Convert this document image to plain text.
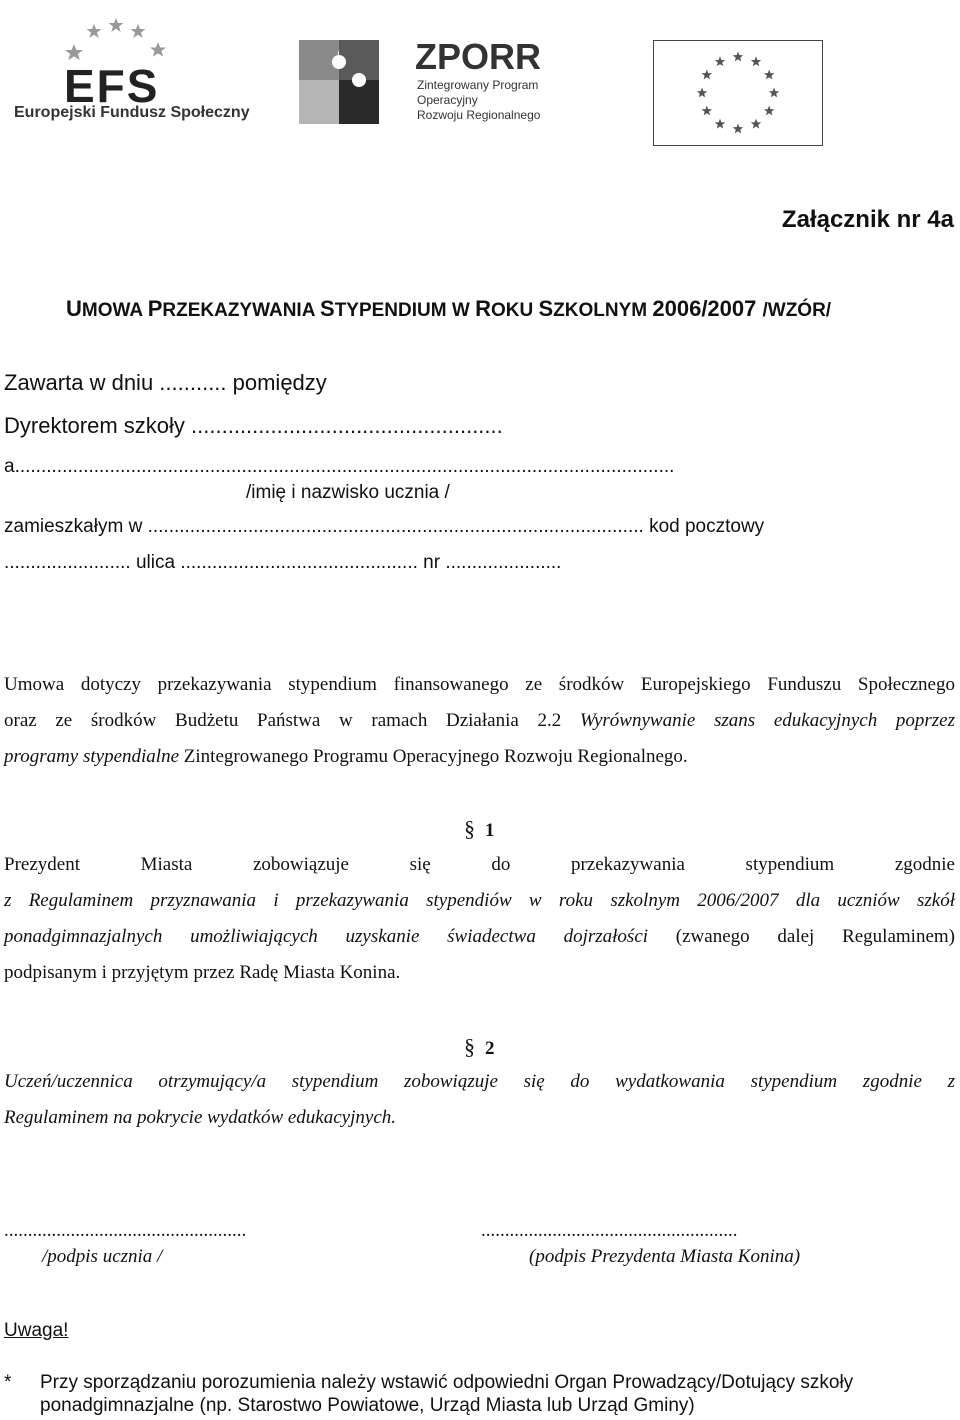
EFS
Europejski Fundusz Społeczny
ZPORR
Zintegrowany Program
Operacyjny
Rozwoju Regionalnego
Załącznik nr 4a
UMOWA PRZEKAZYWANIA STYPENDIUM W ROKU SZKOLNYM 2006/2007 /WZÓR/
Zawarta w dniu ........... pomiędzy
Dyrektorem szkoły ...................................................
a.............................................................................................................................
/imię i nazwisko ucznia /
zamieszkałym w .............................................................................................. kod pocztowy
........................ ulica ............................................. nr ......................
Umowa dotyczy przekazywania stypendium finansowanego ze środków Europejskiego Funduszu Społecznego
oraz ze środków Budżetu Państwa w ramach Działania 2.2 Wyrównywanie szans edukacyjnych poprzez
programy stypendialne Zintegrowanego Programu Operacyjnego Rozwoju Regionalnego.
§ 1
Prezydent Miasta zobowiązuje się do przekazywania stypendium zgodnie
z Regulaminem przyznawania i przekazywania stypendiów w roku szkolnym 2006/2007 dla uczniów szkół
ponadgimnazjalnych umożliwiających uzyskanie świadectwa dojrzałości (zwanego dalej Regulaminem)
podpisanym i przyjętym przez Radę Miasta Konina.
§ 2
Uczeń/uczennica otrzymujący/a stypendium zobowiązuje się do wydatkowania stypendium zgodnie z
Regulaminem na pokrycie wydatków edukacyjnych.
...................................................
/podpis ucznia /
......................................................
(podpis Prezydenta Miasta Konina)
Uwaga!
* Przy sporządzaniu porozumienia należy wstawić odpowiedni Organ Prowadzący/Dotujący szkoły
ponadgimnazjalne (np. Starostwo Powiatowe, Urząd Miasta lub Urząd Gminy)
